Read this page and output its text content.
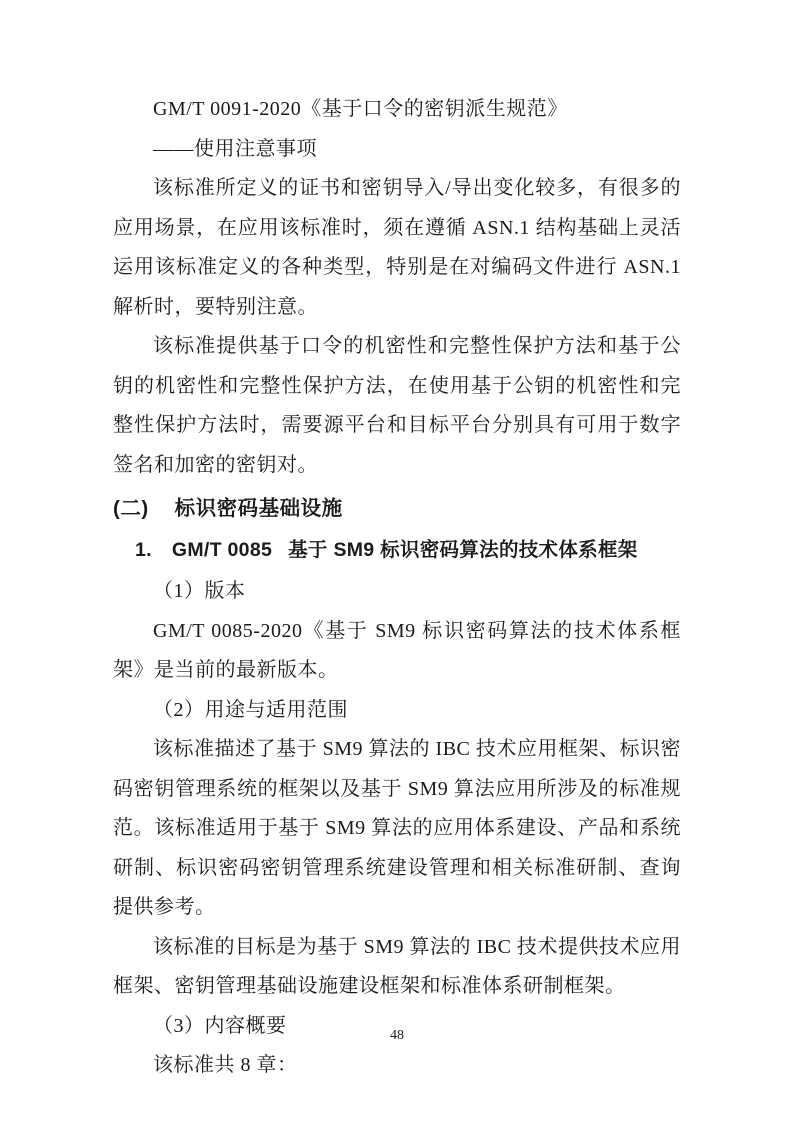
GM/T 0091-2020《基于口令的密钥派生规范》

——使用注意事项

该标准所定义的证书和密钥导入/导出变化较多，有很多的应用场景，在应用该标准时，须在遵循 ASN.1 结构基础上灵活运用该标准定义的各种类型，特别是在对编码文件进行 ASN.1 解析时，要特别注意。

该标准提供基于口令的机密性和完整性保护方法和基于公钥的机密性和完整性保护方法，在使用基于公钥的机密性和完整性保护方法时，需要源平台和目标平台分别具有可用于数字签名和加密的密钥对。

(二) 标识密码基础设施
1. GM/T 0085 基于 SM9 标识密码算法的技术体系框架

（1）版本

GM/T 0085-2020《基于 SM9 标识密码算法的技术体系框架》是当前的最新版本。

（2）用途与适用范围

该标准描述了基于 SM9 算法的 IBC 技术应用框架、标识密码密钥管理系统的框架以及基于 SM9 算法应用所涉及的标准规范。该标准适用于基于 SM9 算法的应用体系建设、产品和系统研制、标识密码密钥管理系统建设管理和相关标准研制、查询提供参考。

该标准的目标是为基于 SM9 算法的 IBC 技术提供技术应用框架、密钥管理基础设施建设框架和标准体系研制框架。

（3）内容概要

该标准共 8 章：

48
